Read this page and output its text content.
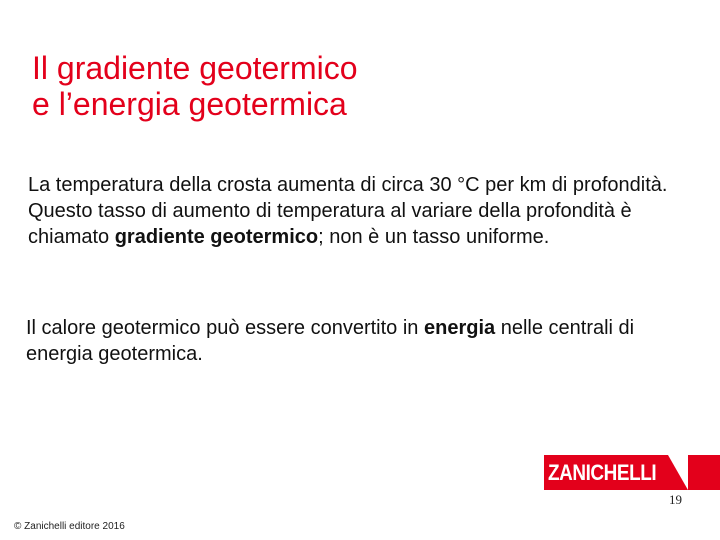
Il gradiente geotermico
e l’energia geotermica

La temperatura della crosta aumenta di circa 30 °C per km di profondità. Questo tasso di aumento di temperatura al variare della profondità è chiamato gradiente geotermico; non è un tasso uniforme.

Il calore geotermico può essere convertito in energia nelle centrali di energia geotermica.

ZANICHELLI
19
© Zanichelli editore 2016
